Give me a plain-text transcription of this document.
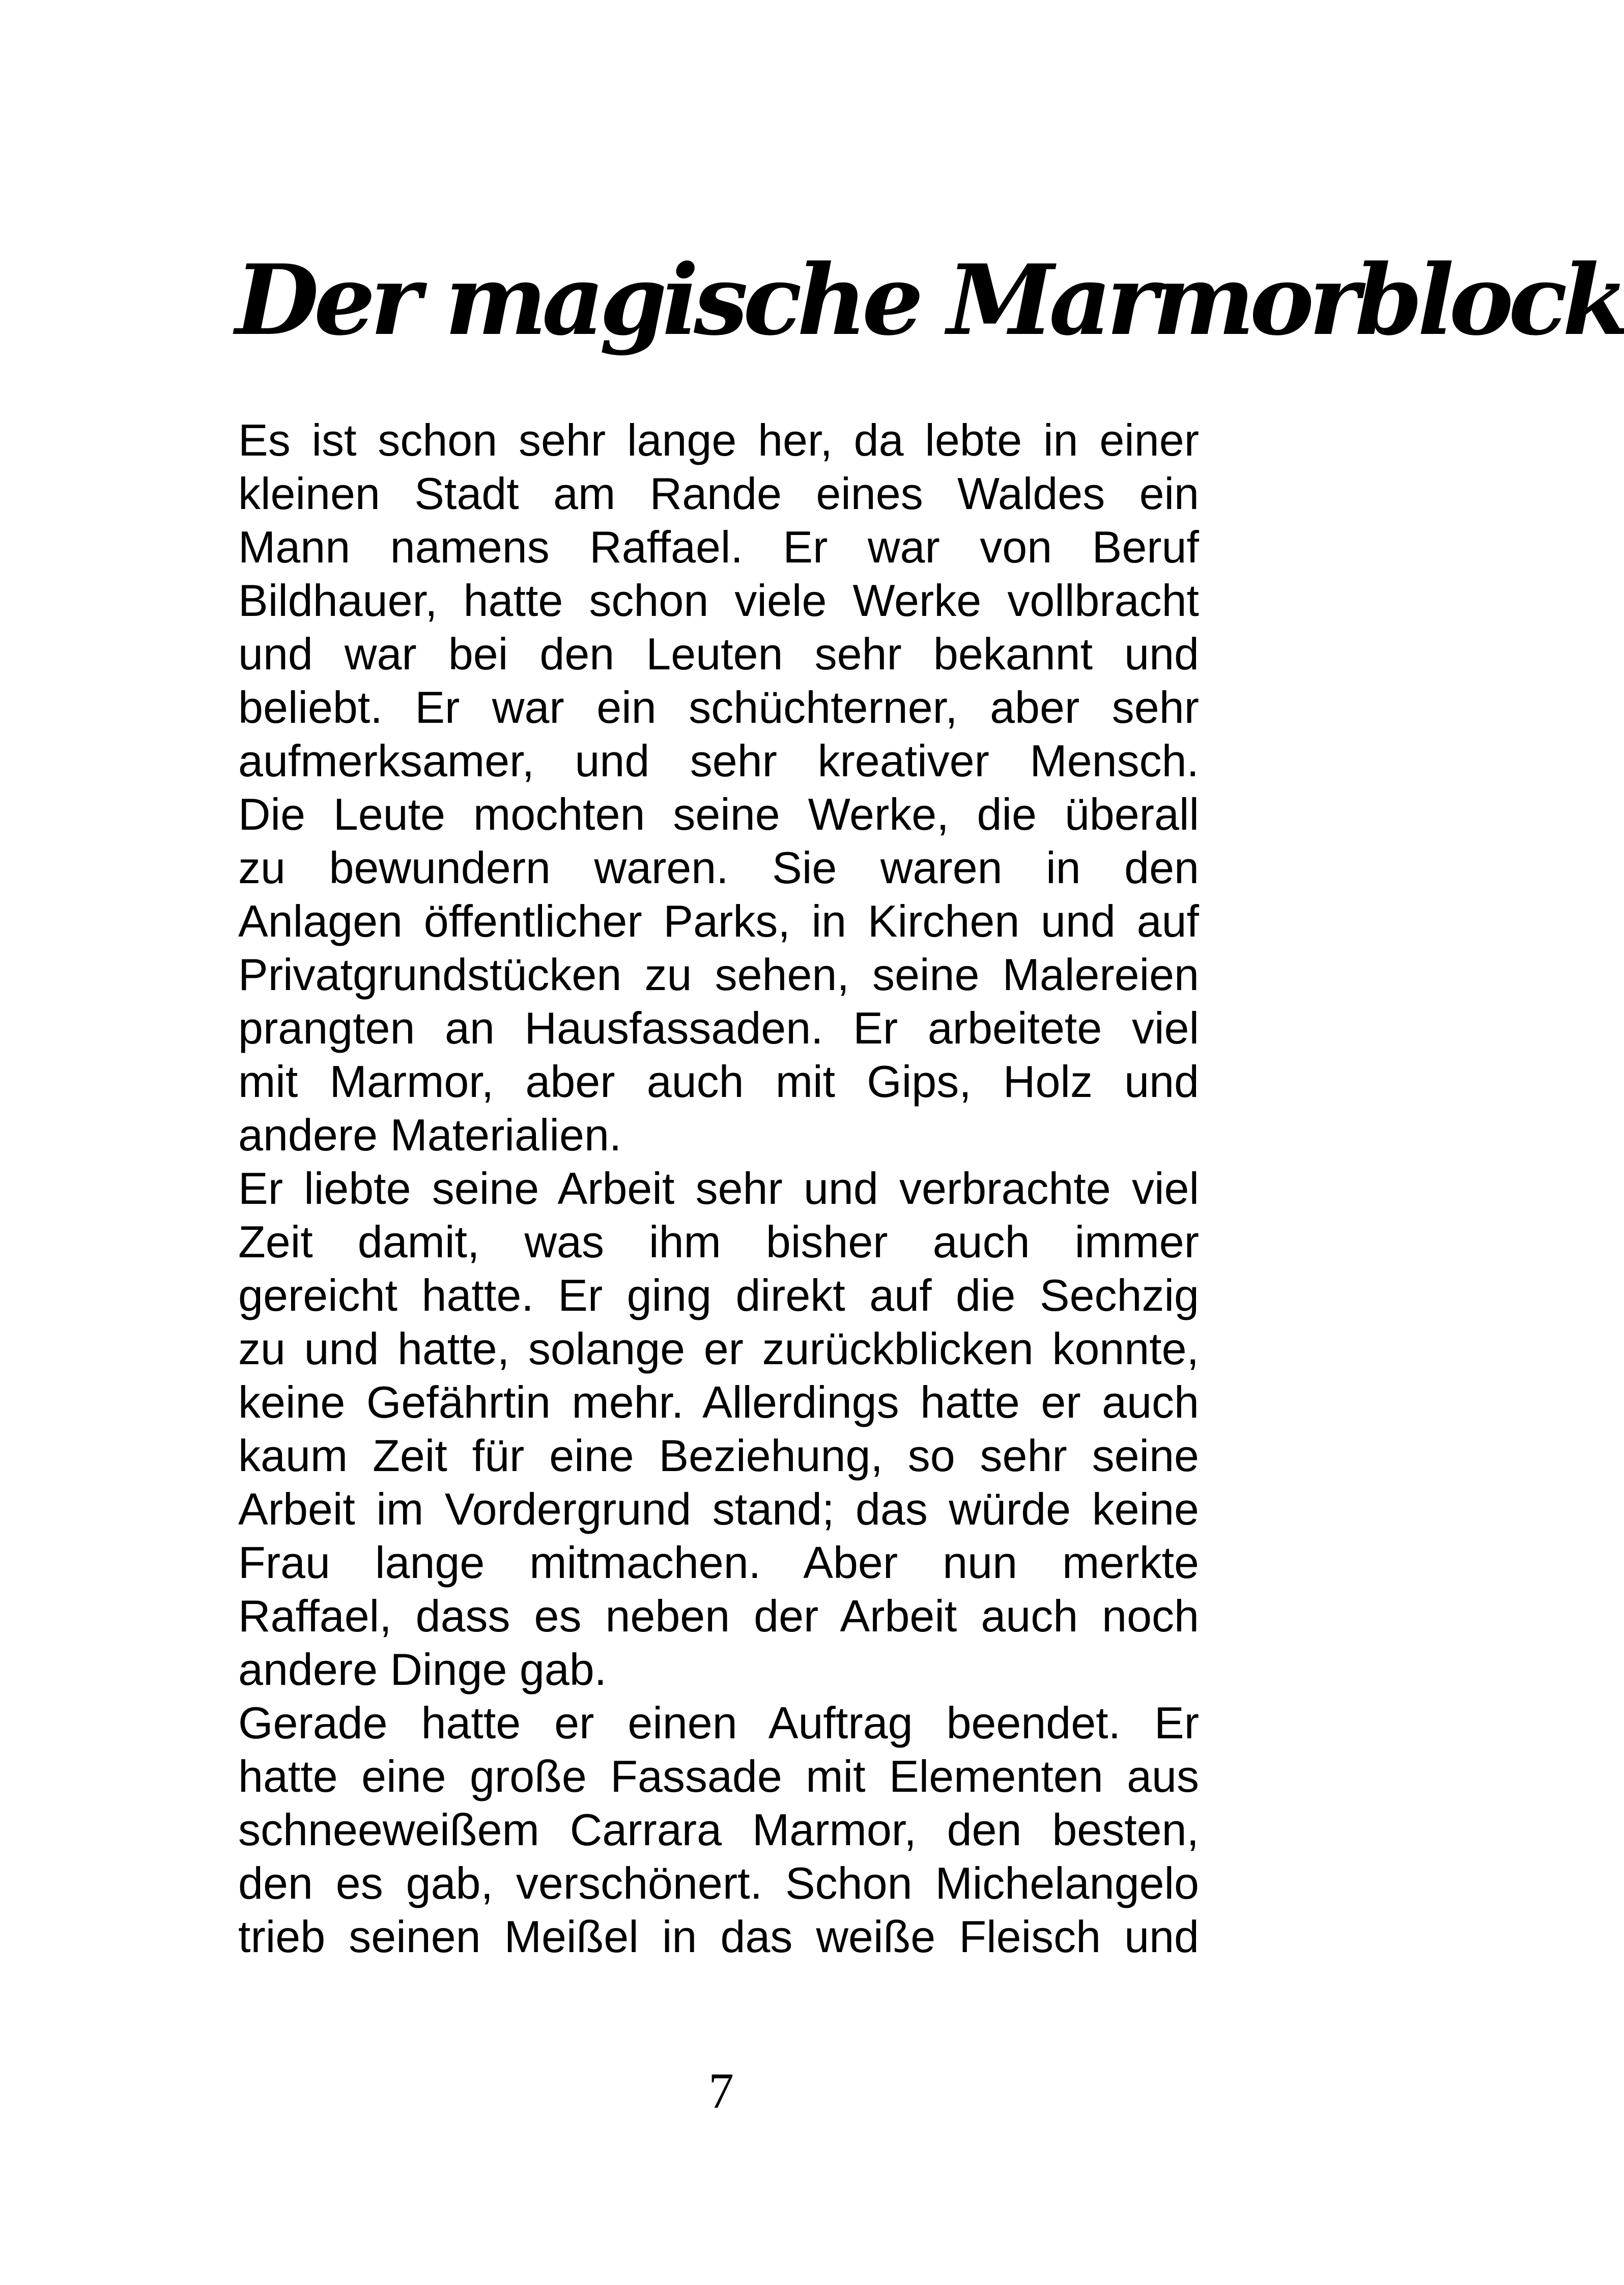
Der magische Marmorblock
Es ist schon sehr lange her, da lebte in einer
kleinen Stadt am Rande eines Waldes ein
Mann namens Raffael. Er war von Beruf
Bildhauer, hatte schon viele Werke vollbracht
und war bei den Leuten sehr bekannt und
beliebt. Er war ein schüchterner, aber sehr
aufmerksamer, und sehr kreativer Mensch.
Die Leute mochten seine Werke, die überall
zu bewundern waren. Sie waren in den
Anlagen öffentlicher Parks, in Kirchen und auf
Privatgrundstücken zu sehen, seine Malereien
prangten an Hausfassaden. Er arbeitete viel
mit Marmor, aber auch mit Gips, Holz und
andere Materialien.
Er liebte seine Arbeit sehr und verbrachte viel
Zeit damit, was ihm bisher auch immer
gereicht hatte. Er ging direkt auf die Sechzig
zu und hatte, solange er zurückblicken konnte,
keine Gefährtin mehr. Allerdings hatte er auch
kaum Zeit für eine Beziehung, so sehr seine
Arbeit im Vordergrund stand; das würde keine
Frau lange mitmachen. Aber nun merkte
Raffael, dass es neben der Arbeit auch noch
andere Dinge gab.
Gerade hatte er einen Auftrag beendet. Er
hatte eine große Fassade mit Elementen aus
schneeweißem Carrara Marmor, den besten,
den es gab, verschönert. Schon Michelangelo
trieb seinen Meißel in das weiße Fleisch und
7
